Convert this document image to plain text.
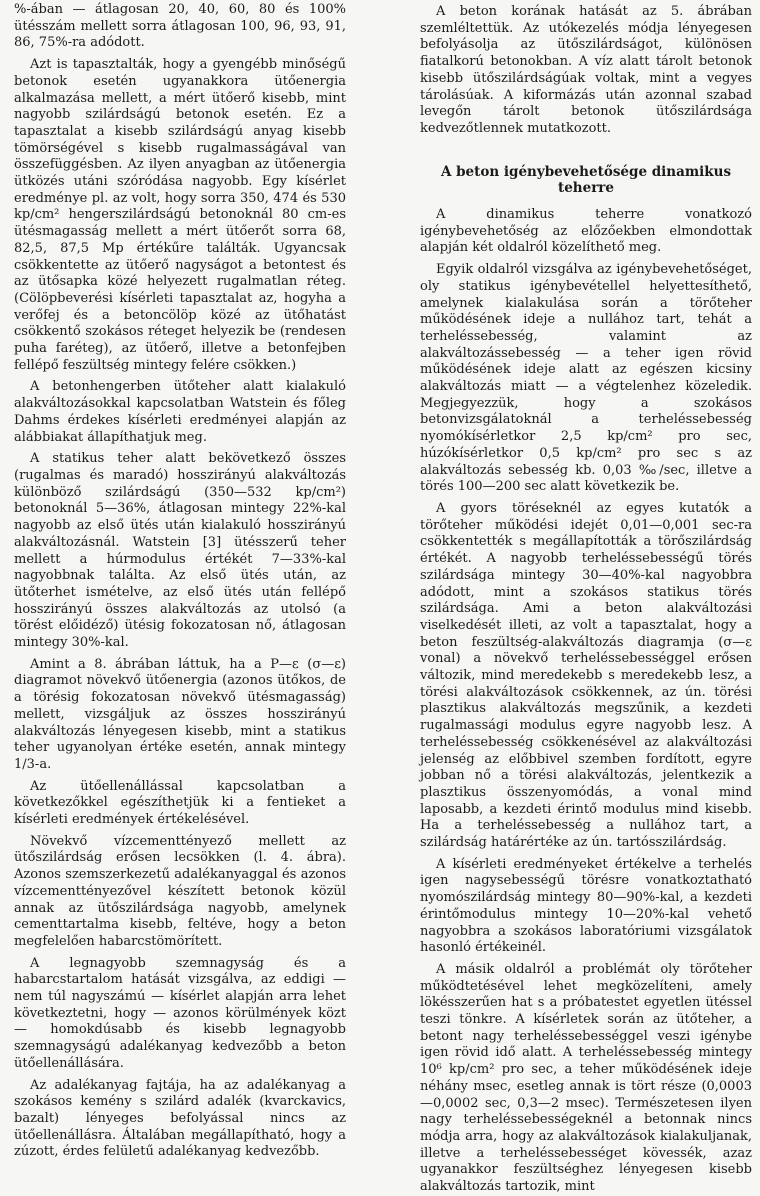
%-ában — átlagosan 20, 40, 60, 80 és 100% ütésszám mellett sorra átlagosan 100, 96, 93, 91, 86, 75%-ra adódott.

Azt is tapasztalták, hogy a gyengébb minőségű betonok esetén ugyanakkora ütőenergia alkalmazása mellett, a mért ütőerő kisebb, mint nagyobb szilárdságú betonok esetén. Ez a tapasztalat a kisebb szilárdságú anyag kisebb tömörségével s kisebb rugalmasságával van összefüggésben. Az ilyen anyagban az ütőenergia ütközés utáni szóródása nagyobb. Egy kísérlet eredménye pl. az volt, hogy sorra 350, 474 és 530 kp/cm² hengerszilárdságú betonoknál 80 cm-es ütésmagasság mellett a mért ütőerőt sorra 68, 82,5, 87,5 Mp értékűre találták. Ugyancsak csökkentette az ütőerő nagyságot a betontest és az ütősapka közé helyezett rugalmatlan réteg. (Cölöpbeverési kísérleti tapasztalat az, hogyha a verőfej és a betoncölöp közé az ütőhatást csökkentő szokásos réteget helyezik be (rendesen puha faréteg), az ütőerő, illetve a betonfejben fellépő feszültség mintegy felére csökken.)

A betonhengerben ütőteher alatt kialakuló alakváltozásokkal kapcsolatban Watstein és főleg Dahms érdekes kísérleti eredményei alapján az alábbiakat állapíthatjuk meg.

A statikus teher alatt bekövetkező összes (rugalmas és maradó) hosszirányú alakváltozás különböző szilárdságú (350—532 kp/cm²) betonoknál 5—36%, átlagosan mintegy 22%-kal nagyobb az első ütés után kialakuló hosszirányú alakváltozásnál. Watstein [3] ütésszerű teher mellett a húrmodulus értékét 7—33%-kal nagyobbnak találta. Az első ütés után, az ütőterhet ismételve, az első ütés után fellépő hosszirányú összes alakváltozás az utolsó (a törést előidéző) ütésig fokozatosan nő, átlagosan mintegy 30%-kal.

Amint a 8. ábrában láttuk, ha a P—ε (σ—ε) diagramot növekvő ütőenergia (azonos ütőkos, de a törésig fokozatosan növekvő ütésmagasság) mellett, vizsgáljuk az összes hosszirányú alakváltozás lényegesen kisebb, mint a statikus teher ugyanolyan értéke esetén, annak mintegy 1/3-a.

Az ütőellenállással kapcsolatban a következőkkel egészíthetjük ki a fentieket a kísérleti eredmények értékelésével.

Növekvő vízcementtényező mellett az ütőszilárdság erősen lecsökken (l. 4. ábra). Azonos szemszerkezetű adalékanyaggal és azonos vízcementtényezővel készített betonok közül annak az ütőszilárdsága nagyobb, amelynek cementtartalma kisebb, feltéve, hogy a beton megfelelően habarcstömörített.

A legnagyobb szemnagyság és a habarcstartalom hatását vizsgálva, az eddigi — nem túl nagyszámú — kísérlet alapján arra lehet következtetni, hogy — azonos körülmények közt — homokdúsabb és kisebb legnagyobb szemnagyságú adalékanyag kedvezőbb a beton ütőellenállására.

Az adalékanyag fajtája, ha az adalékanyag a szokásos kemény s szilárd adalék (kvarckavics, bazalt) lényeges befolyással nincs az ütőellenállásra. Általában megállapítható, hogy a zúzott, érdes felületű adalékanyag kedvezőbb.

A beton korának hatását az 5. ábrában szemléltettük. Az utókezelés módja lényegesen befolyásolja az ütőszilárdságot, különösen fiatalkorú betonokban. A víz alatt tárolt betonok kisebb ütőszilárdságúak voltak, mint a vegyes tárolásúak. A kiformázás után azonnal szabad levegőn tárolt betonok ütőszilárdsága kedvezőtlennek mutatkozott.

A beton igénybevehetősége dinamikus teherre

A dinamikus teherre vonatkozó igénybevehetőség az előzőekben elmondottak alapján két oldalról közelíthető meg.

Egyik oldalról vizsgálva az igénybevehetőséget, oly statikus igénybevétellel helyettesíthető, amelynek kialakulása során a törőteher működésének ideje a nullához tart, tehát a terheléssebesség, valamint az alakváltozássebesség — a teher igen rövid működésének ideje alatt az egészen kicsiny alakváltozás miatt — a végtelenhez közeledik. Megjegyezzük, hogy a szokásos betonvizsgálatoknál a terheléssebesség nyomókísérletkor 2,5 kp/cm² pro sec, húzókísérletkor 0,5 kp/cm² pro sec s az alakváltozás sebesség kb. 0,03 ‰/sec, illetve a törés 100—200 sec alatt következik be.

A gyors töréseknél az egyes kutatók a törőteher működési idejét 0,01—0,001 sec-ra csökkentették s megállapították a törőszilárdság értékét. A nagyobb terheléssebességű törés szilárdsága mintegy 30—40%-kal nagyobbra adódott, mint a szokásos statikus törés szilárdsága. Ami a beton alakváltozási viselkedését illeti, az volt a tapasztalat, hogy a beton feszültség-alakváltozás diagramja (σ—ε vonal) a növekvő terheléssebességgel erősen változik, mind meredekebb s meredekebb lesz, a törési alakváltozások csökkennek, az ún. törési plasztikus alakváltozás megszűnik, a kezdeti rugalmassági modulus egyre nagyobb lesz. A terheléssebesség csökkenésével az alakváltozási jelenség az előbbivel szemben fordított, egyre jobban nő a törési alakváltozás, jelentkezik a plasztikus összenyomódás, a vonal mind laposabb, a kezdeti érintő modulus mind kisebb. Ha a terheléssebesség a nullához tart, a szilárdság határértéke az ún. tartósszilárdság.

A kísérleti eredményeket értékelve a terhelés igen nagysebességű törésre vonatkoztatható nyomószilárdság mintegy 80—90%-kal, a kezdeti érintőmodulus mintegy 10—20%-kal vehető nagyobbra a szokásos laboratóriumi vizsgálatok hasonló értékeinél.

A másik oldalról a problémát oly törőteher működtetésével lehet megközelíteni, amely lökésszerűen hat s a próbatestet egyetlen ütéssel teszi tönkre. A kísérletek során az ütőteher, a betont nagy terheléssebességgel veszi igénybe igen rövid idő alatt. A terheléssebesség mintegy 10⁶ kp/cm² pro sec, a teher működésének ideje néhány msec, esetleg annak is tört része (0,0003—0,0002 sec, 0,3—2 msec). Természetesen ilyen nagy terheléssebességeknél a betonnak nincs módja arra, hogy az alakváltozások kialakuljanak, illetve a terheléssebességet kövessék, azaz ugyanakkor feszültséghez lényegesen kisebb alakváltozás tartozik, mint
